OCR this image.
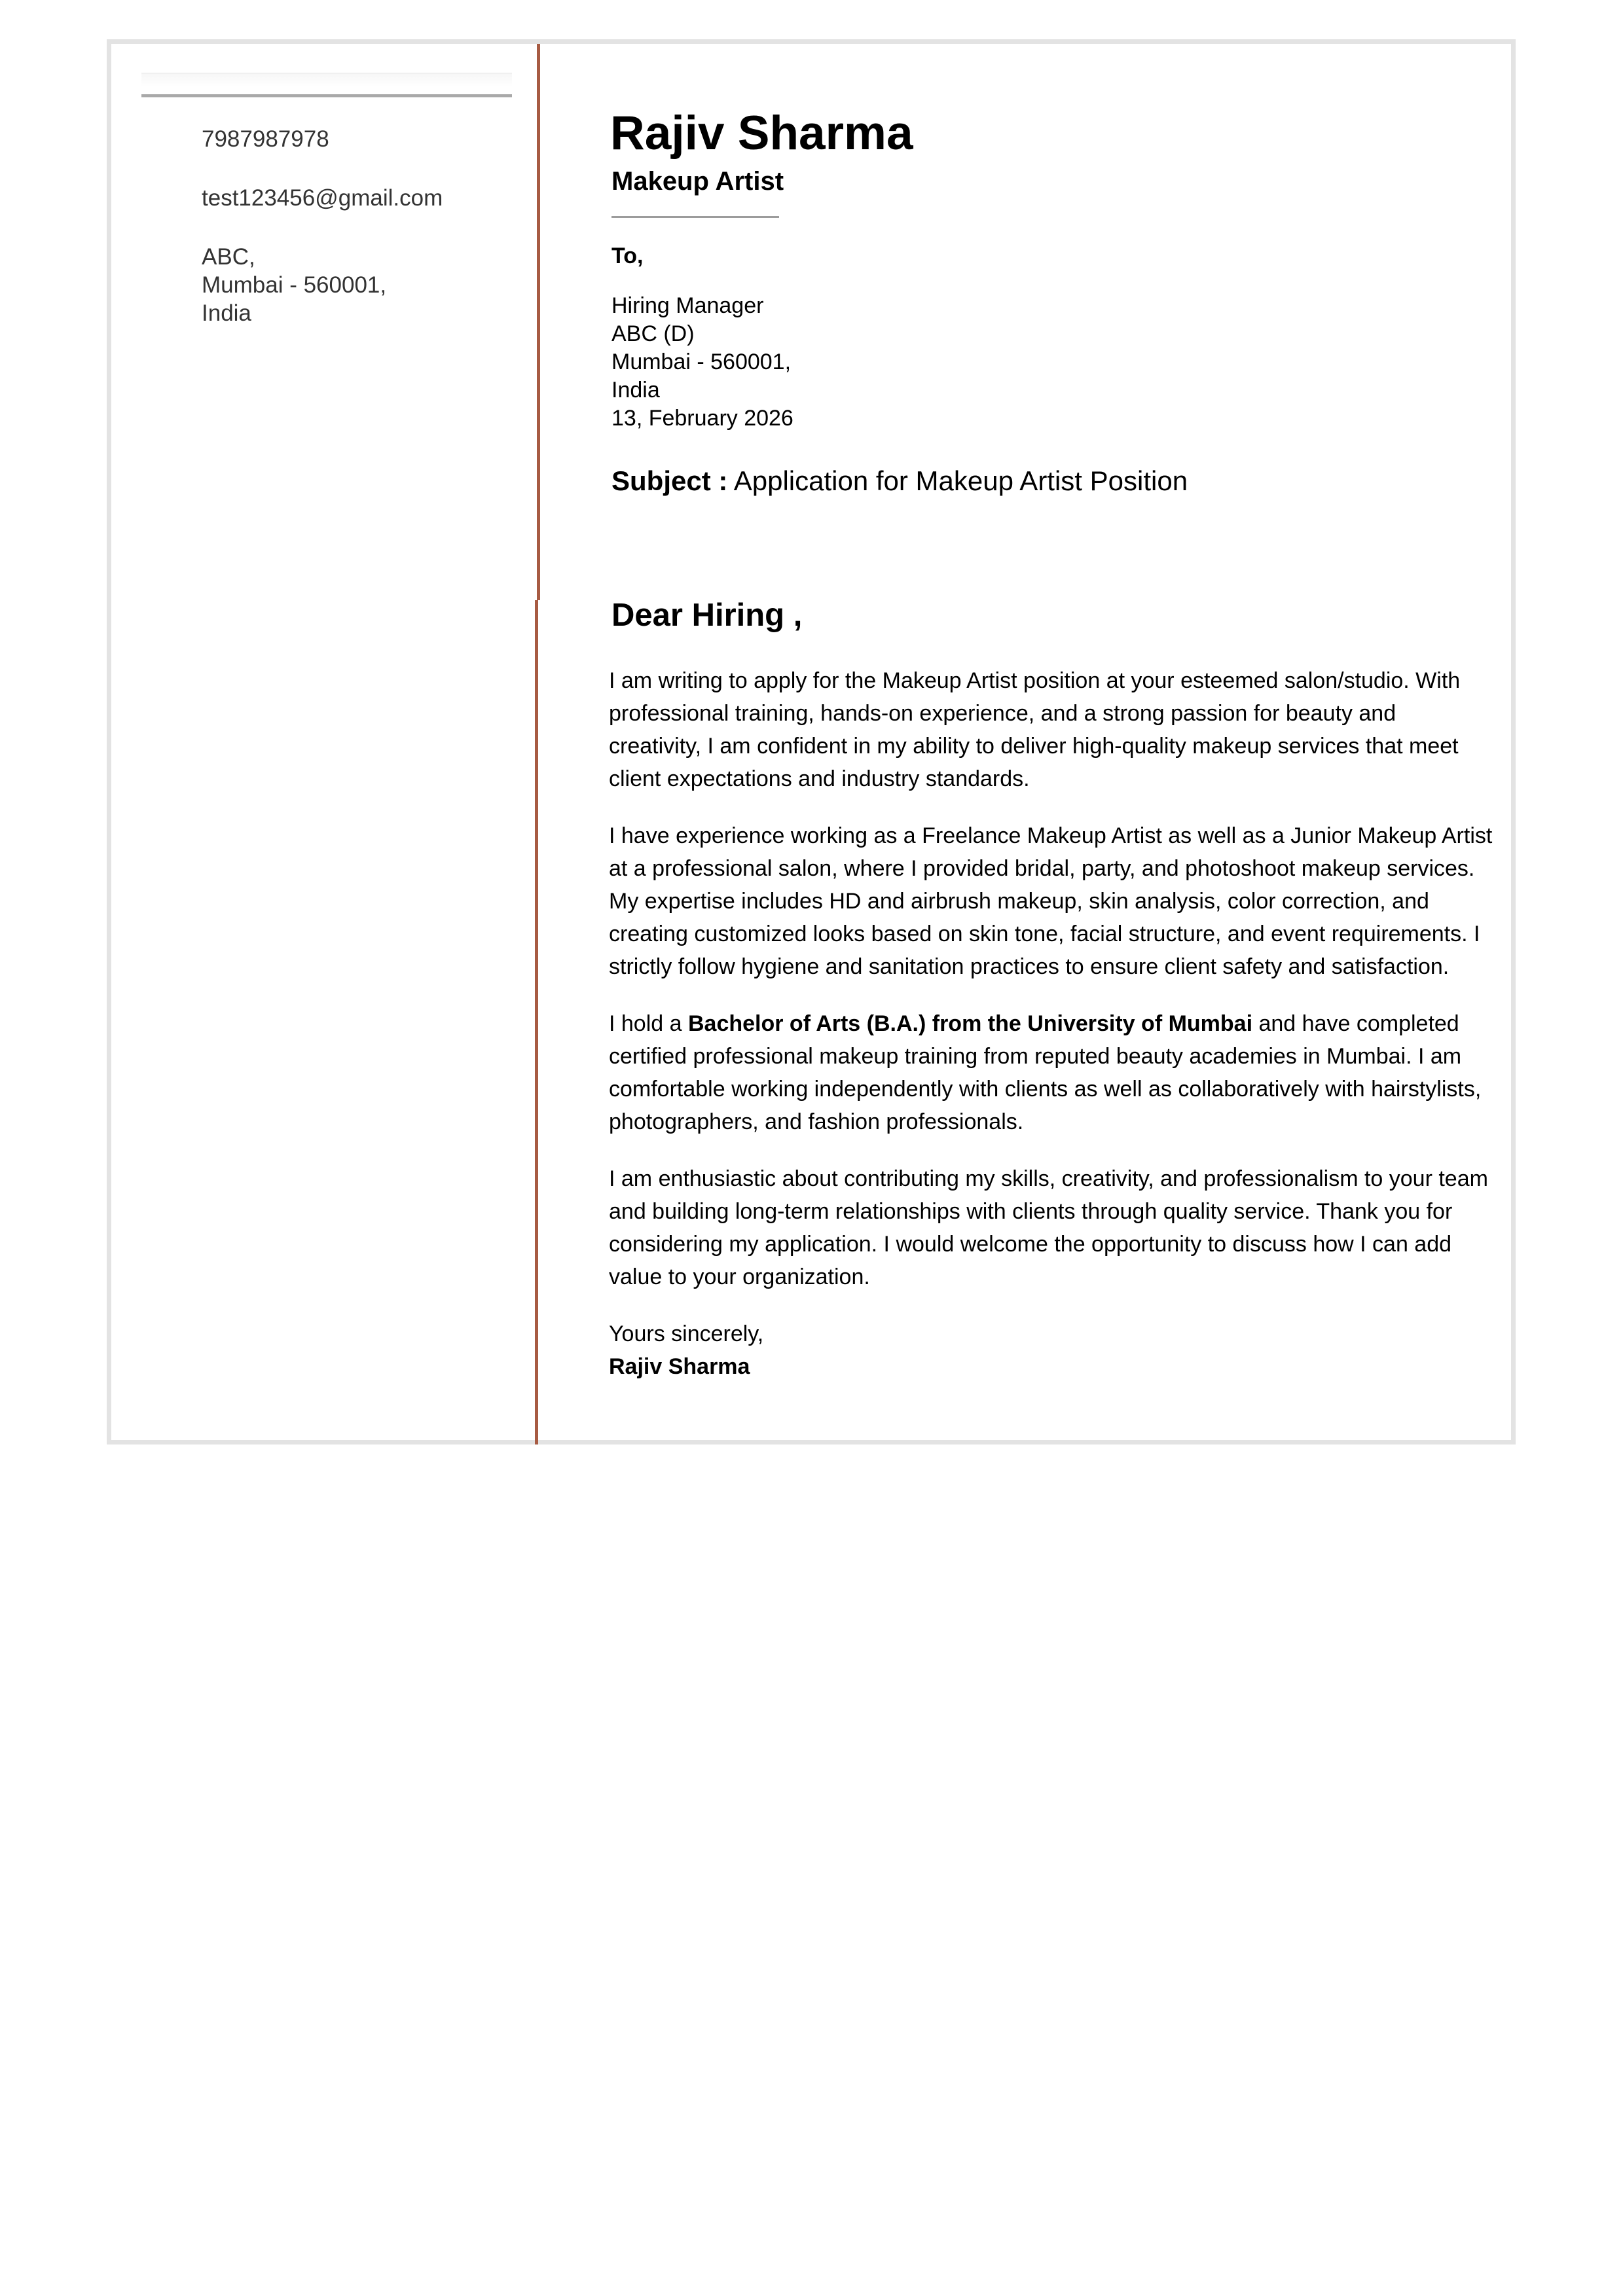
7987987978
test123456@gmail.com
ABC,
Mumbai - 560001,
India
Rajiv Sharma
Makeup Artist
To,
Hiring Manager
ABC (D)
Mumbai - 560001,
India
13, February 2026
Subject : Application for Makeup Artist Position
Dear Hiring ,

I am writing to apply for the Makeup Artist position at your esteemed salon/studio. With professional training, hands-on experience, and a strong passion for beauty and creativity, I am confident in my ability to deliver high-quality makeup services that meet client expectations and industry standards.

I have experience working as a Freelance Makeup Artist as well as a Junior Makeup Artist at a professional salon, where I provided bridal, party, and photoshoot makeup services. My expertise includes HD and airbrush makeup, skin analysis, color correction, and creating customized looks based on skin tone, facial structure, and event requirements. I strictly follow hygiene and sanitation practices to ensure client safety and satisfaction.

I hold a Bachelor of Arts (B.A.) from the University of Mumbai and have completed certified professional makeup training from reputed beauty academies in Mumbai. I am comfortable working independently with clients as well as collaboratively with hairstylists, photographers, and fashion professionals.

I am enthusiastic about contributing my skills, creativity, and professionalism to your team and building long-term relationships with clients through quality service. Thank you for considering my application. I would welcome the opportunity to discuss how I can add value to your organization.

Yours sincerely,
Rajiv Sharma
